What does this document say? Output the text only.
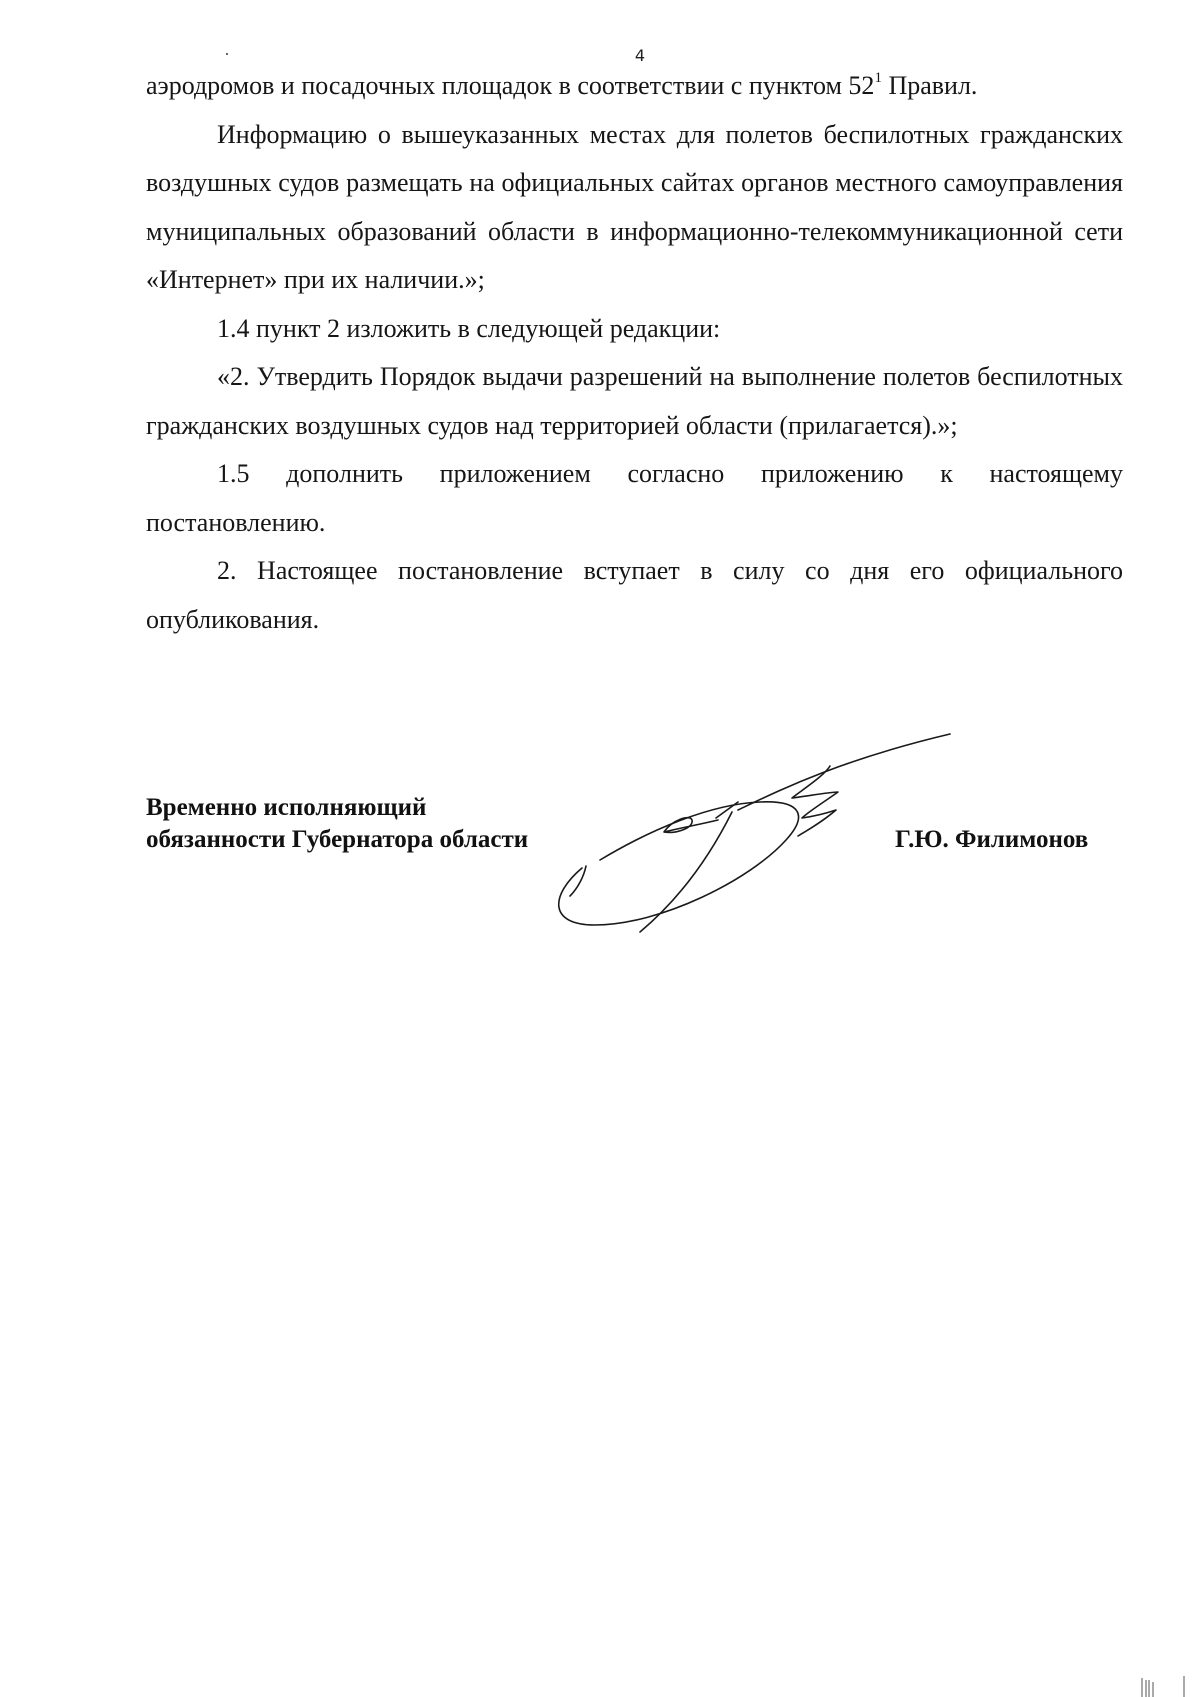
4

аэродромов и посадочных площадок в соответствии с пунктом $52^1$ Правил.

Информацию о вышеуказанных местах для полетов беспилотных гражданских воздушных судов размещать на официальных сайтах органов местного самоуправления муниципальных образований области в информационно-телекоммуникационной сети «Интернет» при их наличии.»;

1.4 пункт 2 изложить в следующей редакции:

«2. Утвердить Порядок выдачи разрешений на выполнение полетов беспилотных гражданских воздушных судов над территорией области (прилагается).»;

1.5 дополнить приложением согласно приложению к настоящему постановлению.

2. Настоящее постановление вступает в силу со дня его официального опубликования.

Временно исполняющий
обязанности Губернатора области	Г.Ю. Филимонов
